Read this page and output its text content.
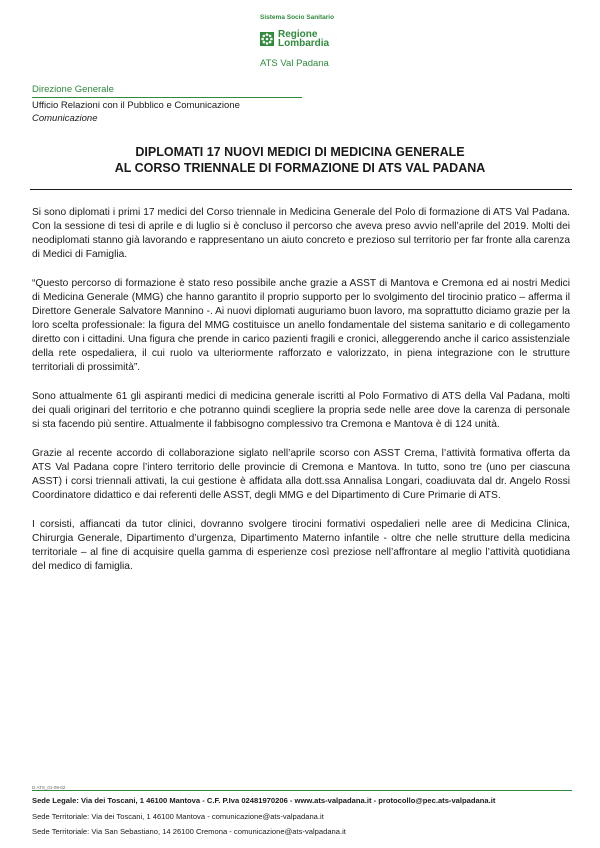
Sistema Socio Sanitario
Regione
Lombardia
ATS Val Padana
Direzione Generale
Ufficio Relazioni con il Pubblico e Comunicazione
Comunicazione
DIPLOMATI 17 NUOVI MEDICI DI MEDICINA GENERALE
AL CORSO TRIENNALE DI FORMAZIONE DI ATS VAL PADANA

Si sono diplomati i primi 17 medici del Corso triennale in Medicina Generale del Polo di formazione di ATS Val Padana. Con la sessione di tesi di aprile e di luglio si è concluso il percorso che aveva preso avvio nell’aprile del 2019. Molti dei neodiplomati stanno già lavorando e rappresentano un aiuto concreto e prezioso sul territorio per far fronte alla carenza di Medici di Famiglia.

“Questo percorso di formazione è stato reso possibile anche grazie a ASST di Mantova e Cremona ed ai nostri Medici di Medicina Generale (MMG) che hanno garantito il proprio supporto per lo svolgimento del tirocinio pratico – afferma il Direttore Generale Salvatore Mannino -. Ai nuovi diplomati auguriamo buon lavoro, ma soprattutto diciamo grazie per la loro scelta professionale: la figura del MMG costituisce un anello fondamentale del sistema sanitario e di collegamento diretto con i cittadini. Una figura che prende in carico pazienti fragili e cronici, alleggerendo anche il carico assistenziale della rete ospedaliera, il cui ruolo va ulteriormente rafforzato e valorizzato, in piena integrazione con le strutture territoriali di prossimità”.

Sono attualmente 61 gli aspiranti medici di medicina generale iscritti al Polo Formativo di ATS della Val Padana, molti dei quali originari del territorio e che potranno quindi scegliere la propria sede nelle aree dove la carenza di personale si sta facendo più sentire. Attualmente il fabbisogno complessivo tra Cremona e Mantova è di 124 unità.

Grazie al recente accordo di collaborazione siglato nell’aprile scorso con ASST Crema, l’attività formativa offerta da ATS Val Padana copre l’intero territorio delle provincie di Cremona e Mantova. In tutto, sono tre (uno per ciascuna ASST) i corsi triennali attivati, la cui gestione è affidata alla dott.ssa Annalisa Longari, coadiuvata dal dr. Angelo Rossi Coordinatore didattico e dai referenti delle ASST, degli MMG e del Dipartimento di Cure Primarie di ATS.

I corsisti, affiancati da tutor clinici, dovranno svolgere tirocini formativi ospedalieri nelle aree di Medicina Clinica, Chirurgia Generale, Dipartimento d’urgenza, Dipartimento Materno infantile - oltre che nelle strutture della medicina territoriale – al fine di acquisire quella gamma di esperienze così preziose nell’affrontare al meglio l’attività quotidiana del medico di famiglia.

D.ATS_01-09-02
Sede Legale: Via dei Toscani, 1 46100 Mantova - C.F. P.Iva 02481970206 - www.ats-valpadana.it - protocollo@pec.ats-valpadana.it
Sede Territoriale: Via dei Toscani, 1 46100 Mantova - comunicazione@ats-valpadana.it
Sede Territoriale: Via San Sebastiano, 14 26100 Cremona - comunicazione@ats-valpadana.it
